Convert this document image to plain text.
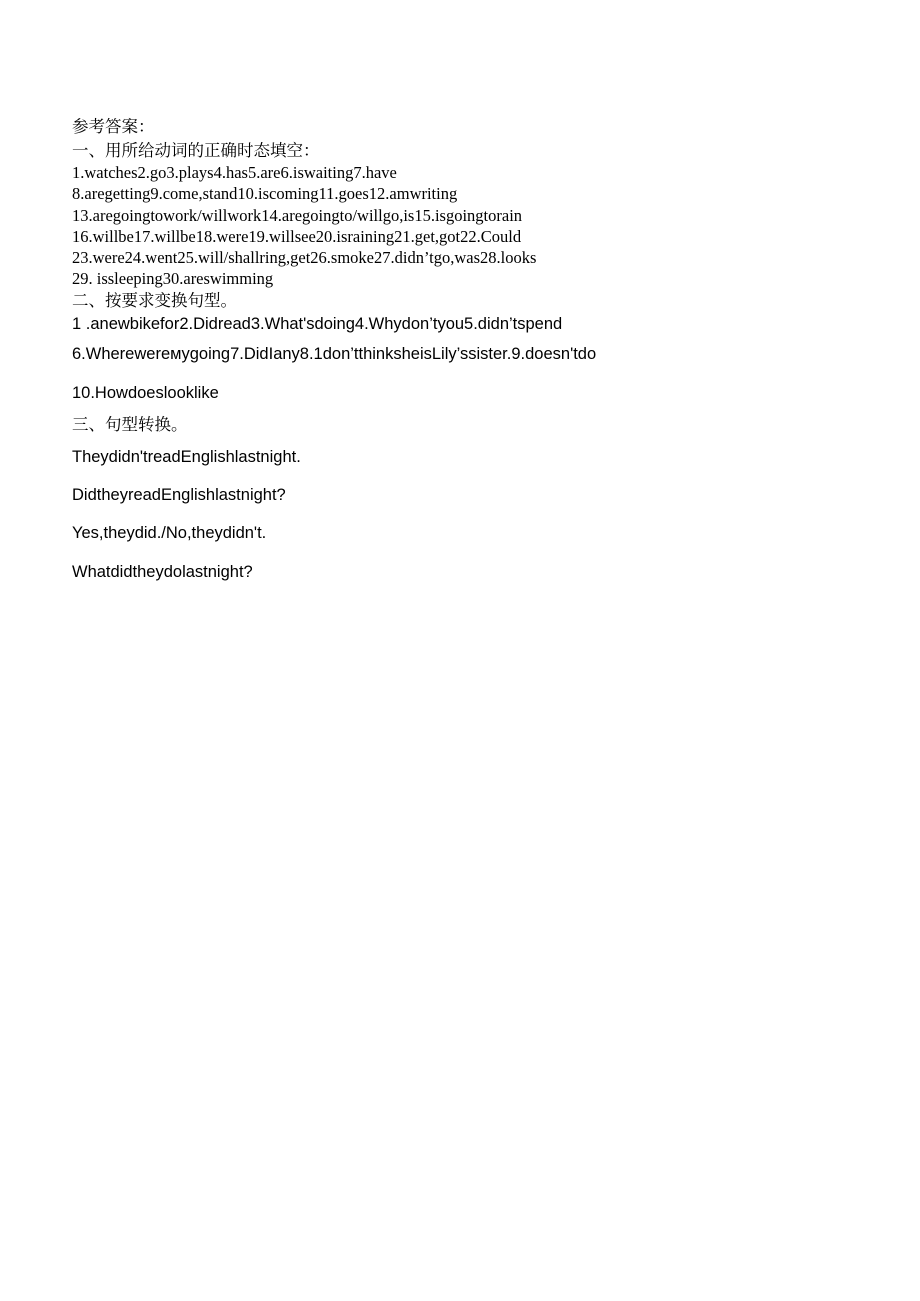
参考答案：

一、用所给动词的正确时态填空：

1.watches2.go3.plays4.has5.are6.iswaiting7.have

8.aregetting9.come,stand10.iscoming11.goes12.amwriting

13.aregoingtowork/willwork14.aregoingto/willgo,is15.isgoingtorain

16.willbe17.willbe18.were19.willsee20.israining21.get,got22.Could

23.were24.went25.will/shallring,get26.smoke27.didn’tgo,was28.looks

29. issleeping30.areswimming

二、按要求变换句型。

1 .anewbikefor2.Didread3.What'sdoing4.Whydon’tyou5.didn’tspend

6.Wherewerемygoing7.DidIany8.1don’tthinksheisLily’ssister.9.doesn'tdo

10.Howdoeslooklike

三、句型转换。

Theydidn'treadEnglishlastnight.

DidtheyreadEnglishlastnight?

Yes,theydid./No,theydidn't.

Whatdidtheydolastnight?
